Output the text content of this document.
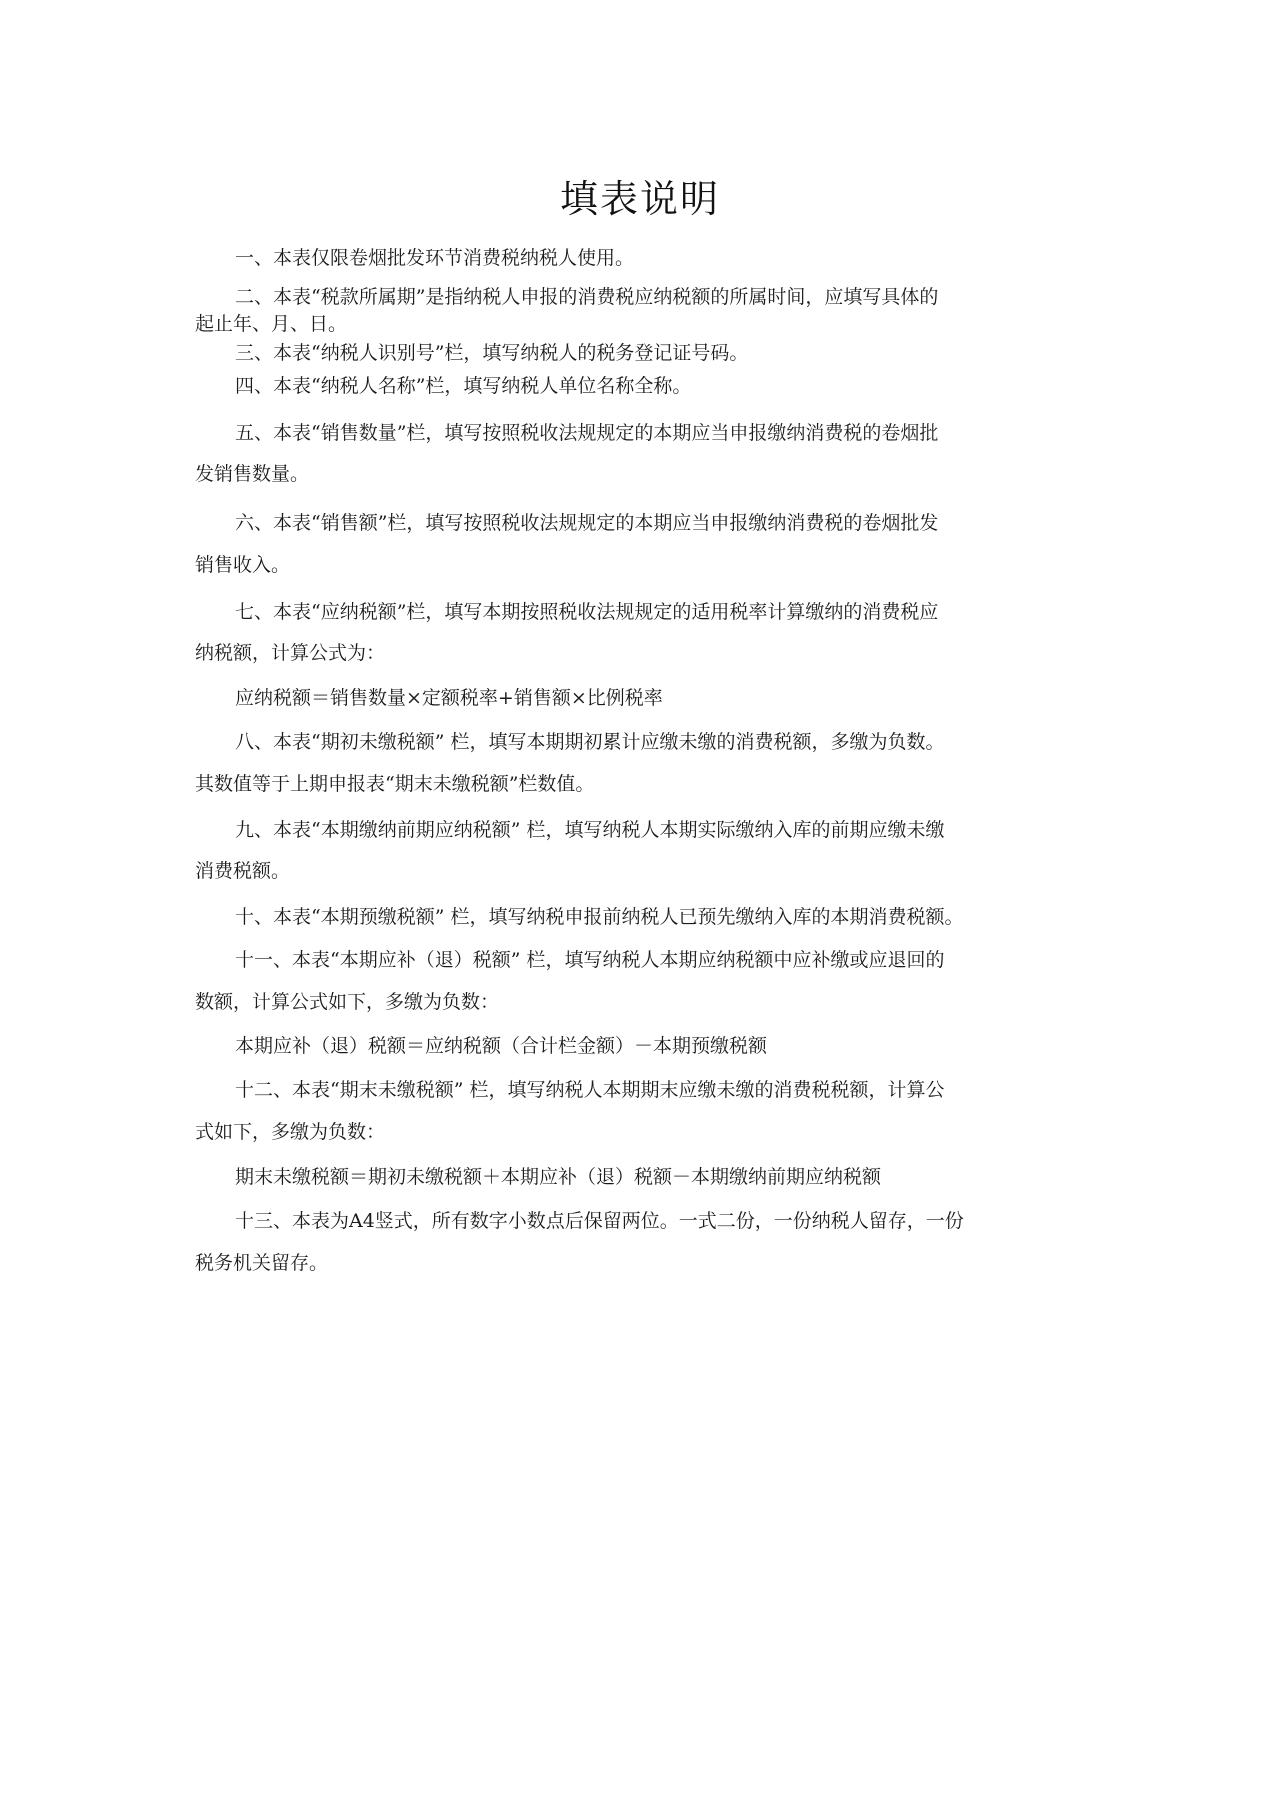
填表说明
一、本表仅限卷烟批发环节消费税纳税人使用。
二、本表“税款所属期”是指纳税人申报的消费税应纳税额的所属时间，应填写具体的
起止年、月、日。
三、本表“纳税人识别号”栏，填写纳税人的税务登记证号码。
四、本表“纳税人名称”栏，填写纳税人单位名称全称。
五、本表“销售数量”栏，填写按照税收法规规定的本期应当申报缴纳消费税的卷烟批
发销售数量。
六、本表“销售额”栏，填写按照税收法规规定的本期应当申报缴纳消费税的卷烟批发
销售收入。
七、本表“应纳税额”栏，填写本期按照税收法规规定的适用税率计算缴纳的消费税应
纳税额，计算公式为：
应纳税额＝销售数量×定额税率+销售额×比例税率
八、本表“期初未缴税额” 栏，填写本期期初累计应缴未缴的消费税额，多缴为负数。
其数值等于上期申报表“期末未缴税额”栏数值。
九、本表“本期缴纳前期应纳税额” 栏，填写纳税人本期实际缴纳入库的前期应缴未缴
消费税额。
十、本表“本期预缴税额” 栏，填写纳税申报前纳税人已预先缴纳入库的本期消费税额。
十一、本表“本期应补（退）税额” 栏，填写纳税人本期应纳税额中应补缴或应退回的
数额，计算公式如下，多缴为负数：
本期应补（退）税额＝应纳税额（合计栏金额）－本期预缴税额
十二、本表“期末未缴税额” 栏，填写纳税人本期期末应缴未缴的消费税税额，计算公
式如下，多缴为负数：
期末未缴税额＝期初未缴税额＋本期应补（退）税额－本期缴纳前期应纳税额
十三、本表为A4竖式，所有数字小数点后保留两位。一式二份，一份纳税人留存，一份
税务机关留存。
